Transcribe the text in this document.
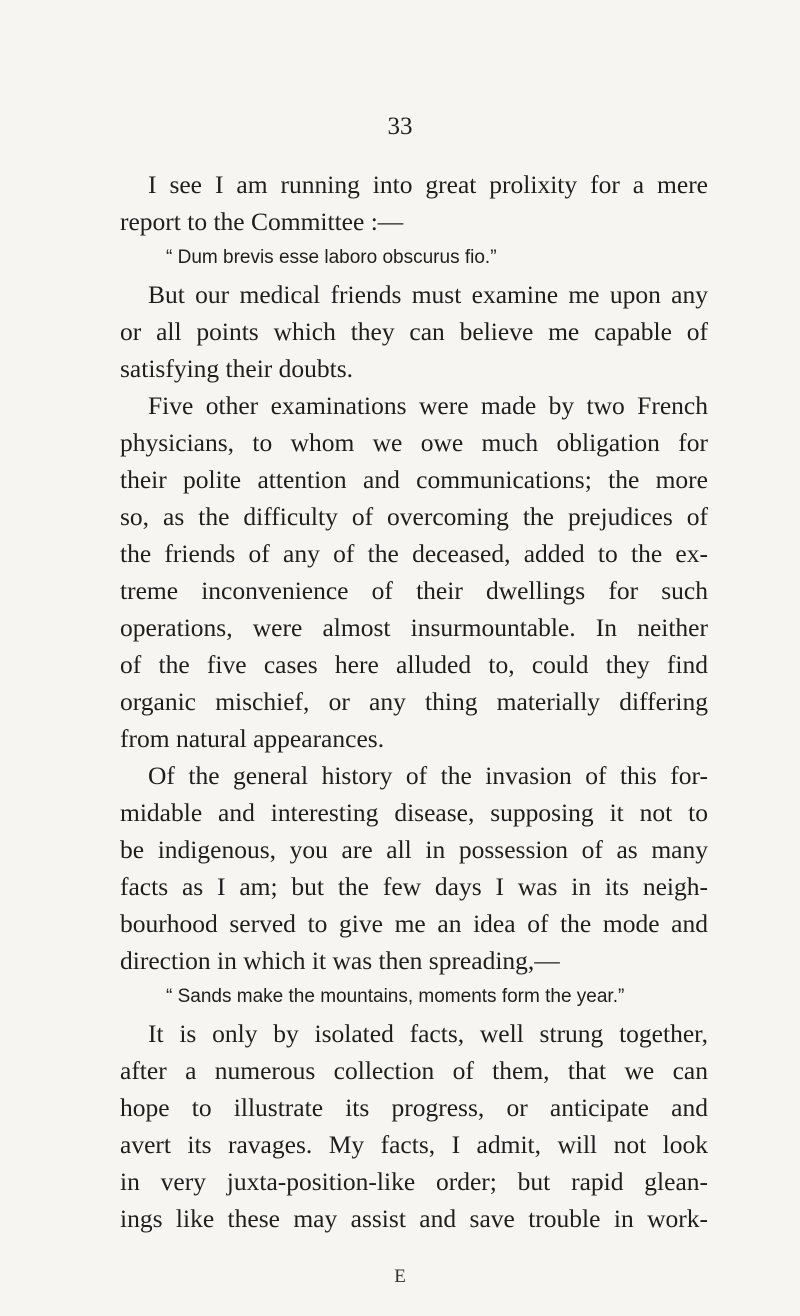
33
I see I am running into great prolixity for a mere
report to the Committee :—
“ Dum brevis esse laboro obscurus fio.”
But our medical friends must examine me upon any
or all points which they can believe me capable of
satisfying their doubts.
Five other examinations were made by two French
physicians, to whom we owe much obligation for
their polite attention and communications; the more
so, as the difficulty of overcoming the prejudices of
the friends of any of the deceased, added to the ex-
treme inconvenience of their dwellings for such
operations, were almost insurmountable. In neither
of the five cases here alluded to, could they find
organic mischief, or any thing materially differing
from natural appearances.
Of the general history of the invasion of this for-
midable and interesting disease, supposing it not to
be indigenous, you are all in possession of as many
facts as I am; but the few days I was in its neigh-
bourhood served to give me an idea of the mode and
direction in which it was then spreading,—
“ Sands make the mountains, moments form the year.”
It is only by isolated facts, well strung together,
after a numerous collection of them, that we can
hope to illustrate its progress, or anticipate and
avert its ravages. My facts, I admit, will not look
in very juxta-position-like order; but rapid glean-
ings like these may assist and save trouble in work-
E
